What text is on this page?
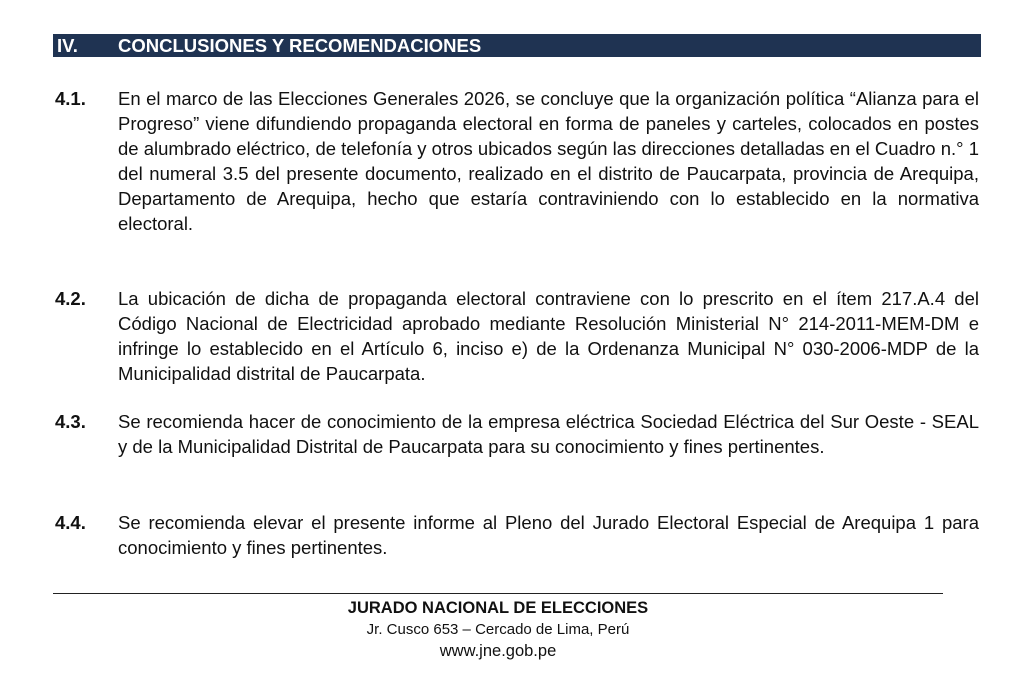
IV. CONCLUSIONES Y RECOMENDACIONES
4.1. En el marco de las Elecciones Generales 2026, se concluye que la organización política “Alianza para el Progreso” viene difundiendo propaganda electoral en forma de paneles y carteles, colocados en postes de alumbrado eléctrico, de telefonía y otros ubicados según las direcciones detalladas en el Cuadro n.° 1 del numeral 3.5 del presente documento, realizado en el distrito de Paucarpata, provincia de Arequipa, Departamento de Arequipa, hecho que estaría contraviniendo con lo establecido en la normativa electoral.
4.2. La ubicación de dicha de propaganda electoral contraviene con lo prescrito en el ítem 217.A.4 del Código Nacional de Electricidad aprobado mediante Resolución Ministerial N° 214-2011-MEM-DM e infringe lo establecido en el Artículo 6, inciso e) de la Ordenanza Municipal N° 030-2006-MDP de la Municipalidad distrital de Paucarpata.
4.3. Se recomienda hacer de conocimiento de la empresa eléctrica Sociedad Eléctrica del Sur Oeste - SEAL y de la Municipalidad Distrital de Paucarpata para su conocimiento y fines pertinentes.
4.4. Se recomienda elevar el presente informe al Pleno del Jurado Electoral Especial de Arequipa 1 para conocimiento y fines pertinentes.
JURADO NACIONAL DE ELECCIONES
Jr. Cusco 653 – Cercado de Lima, Perú
www.jne.gob.pe
